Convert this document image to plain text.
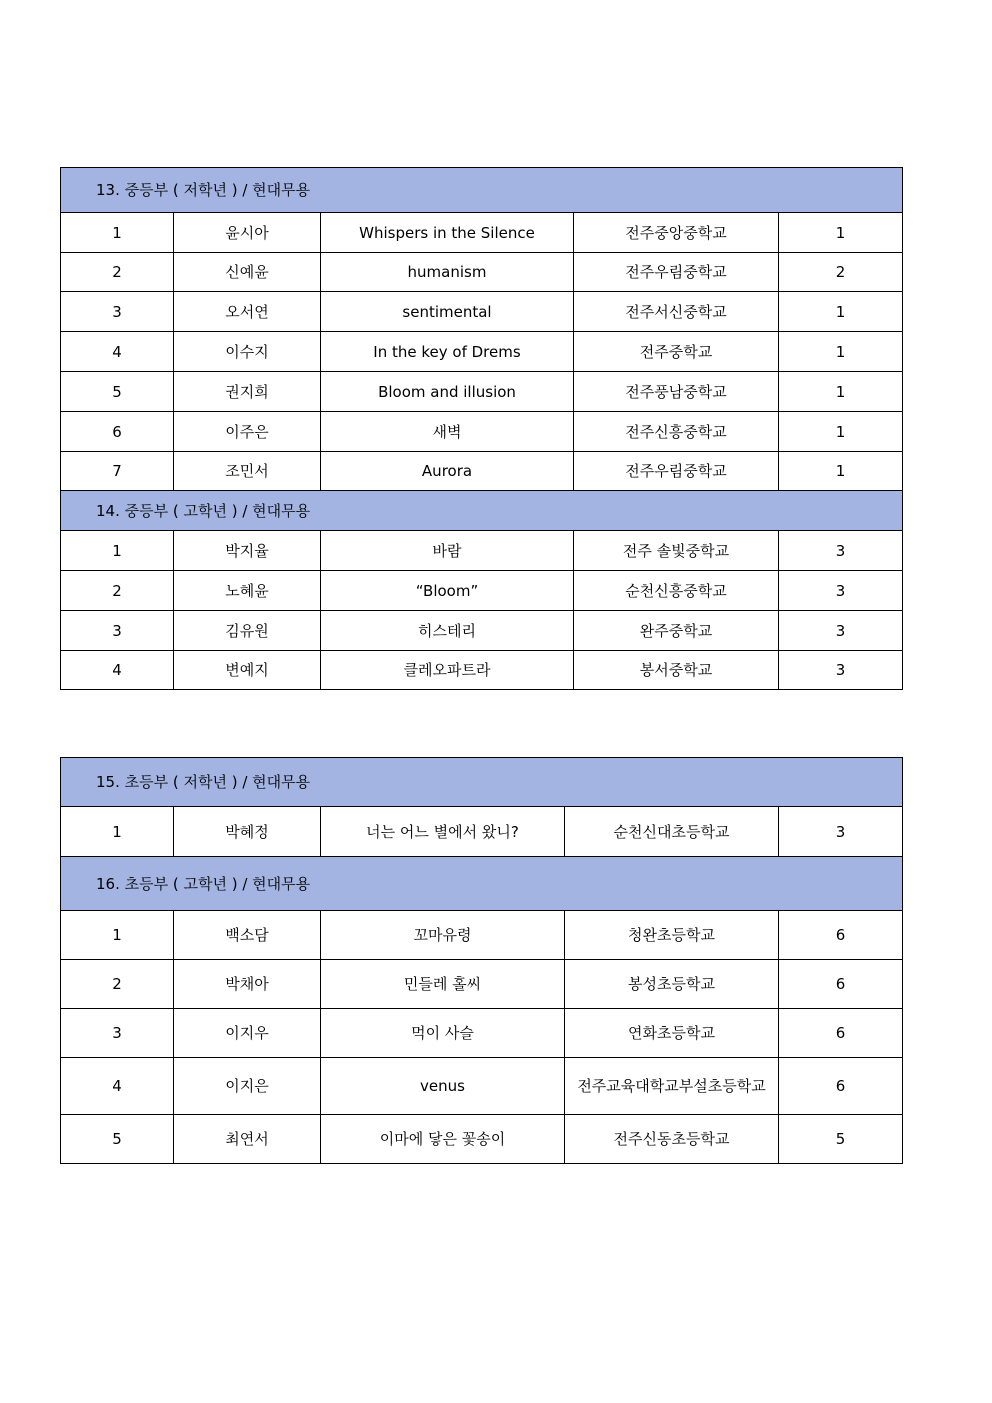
13. 중등부 ( 저학년 ) / 현대무용				
1	윤시아	Whispers in the Silence	전주중앙중학교	1
2	신예윤	humanism	전주우림중학교	2
3	오서연	sentimental	전주서신중학교	1
4	이수지	In the key of Drems	전주중학교	1
5	권지희	Bloom and illusion	전주풍남중학교	1
6	이주은	새벽	전주신흥중학교	1
7	조민서	Aurora	전주우림중학교	1
14. 중등부 ( 고학년 ) / 현대무용				
1	박지율	바람	전주 솔빛중학교	3
2	노혜윤	“Bloom”	순천신흥중학교	3
3	김유원	히스테리	완주중학교	3
4	변예지	클레오파트라	봉서중학교	3
15. 초등부 ( 저학년 ) / 현대무용				
1	박혜정	너는 어느 별에서 왔니?	순천신대초등학교	3
16. 초등부 ( 고학년 ) / 현대무용				
1	백소담	꼬마유령	청완초등학교	6
2	박채아	민들레 홀씨	봉성초등학교	6
3	이지우	먹이 사슬	연화초등학교	6
4	이지은	venus	전주교육대학교부설초등학교	6
5	최연서	이마에 닿은 꽃송이	전주신동초등학교	5
